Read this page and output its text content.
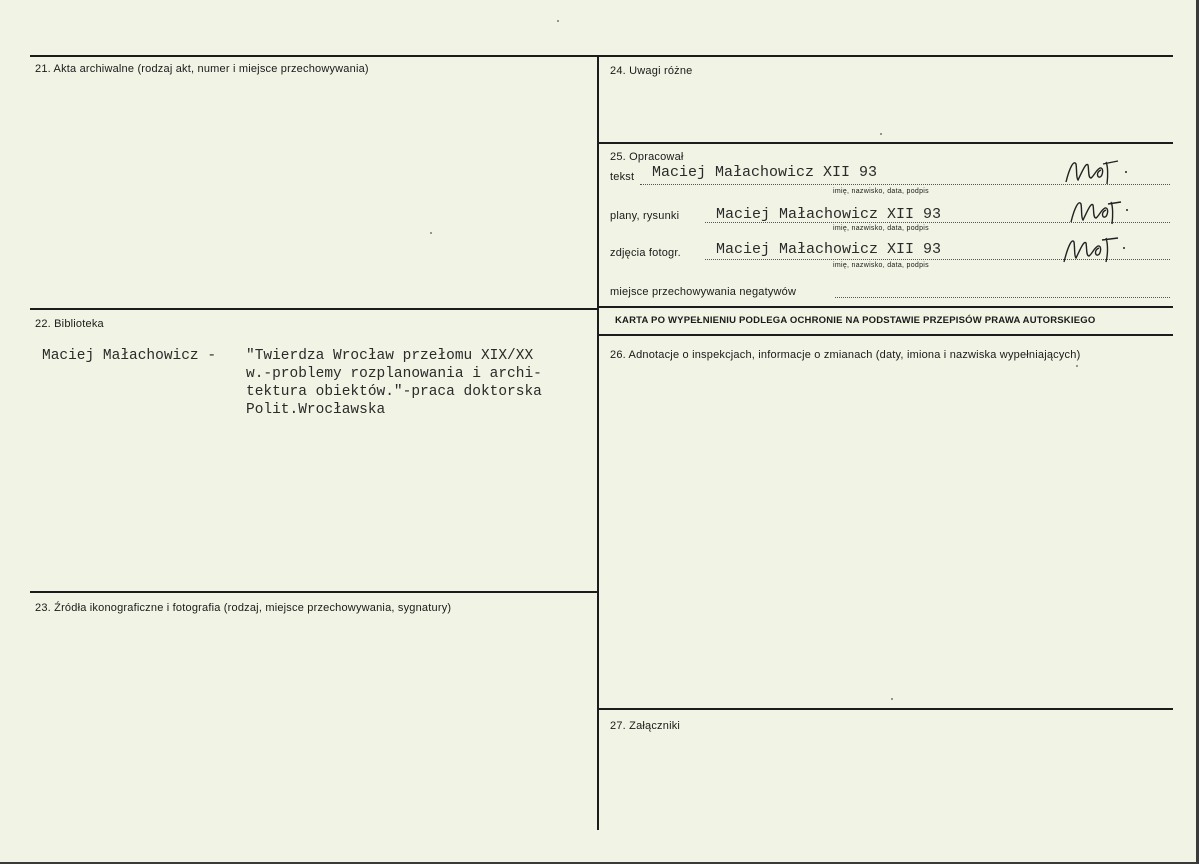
21. Akta archiwalne (rodzaj akt, numer i miejsce przechowywania)
22. Biblioteka
23. Źródła ikonograficzne i fotografia (rodzaj, miejsce przechowywania, sygnatury)
24. Uwagi różne
25. Opracował
26. Adnotacje o inspekcjach, informacje o zmianach (daty, imiona i nazwiska wypełniających)
27. Załączniki
Maciej Małachowicz - "Twierdza Wrocław przełomu XIX/XX
w.-problemy rozplanowania i archi-
tektura obiektów."-praca doktorska
Polit.Wrocławska
tekst Maciej Małachowicz XII 93
imię, nazwisko, data, podpis
plany, rysunki Maciej Małachowicz XII 93
imię, nazwisko, data, podpis
zdjęcia fotogr. Maciej Małachowicz XII 93
imię, nazwisko, data, podpis
miejsce przechowywania negatywów
KARTA PO WYPEŁNIENIU PODLEGA OCHRONIE NA PODSTAWIE PRZEPISÓW PRAWA AUTORSKIEGO
